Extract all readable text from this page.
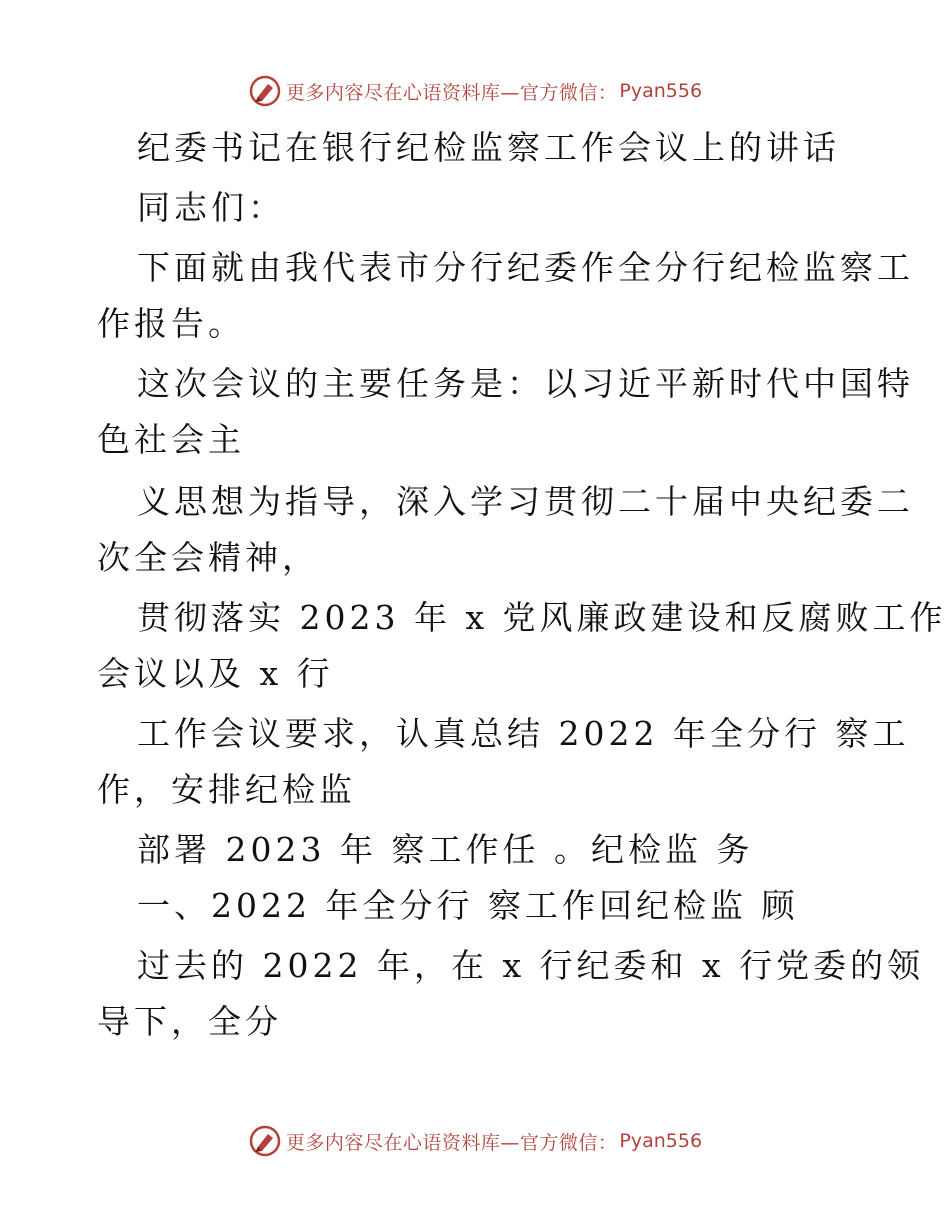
更多内容尽在心语资料库—官方微信： Pyan556
纪委书记在银行纪检监察工作会议上的讲话
同志们：
下面就由我代表市分行纪委作全分行纪检监察工
作报告。
这次会议的主要任务是：以习近平新时代中国特
色社会主
义思想为指导，深入学习贯彻二十届中央纪委二
次全会精神，
贯彻落实 2023 年 x 党风廉政建设和反腐败工作
会议以及 x 行
工作会议要求，认真总结 2022 年全分行 察工
作，安排纪检监
部署 2023 年 察工作任 。纪检监 务
一、2022 年全分行 察工作回纪检监 顾
过去的 2022 年，在 x 行纪委和 x 行党委的领
导下，全分
更多内容尽在心语资料库—官方微信： Pyan556
